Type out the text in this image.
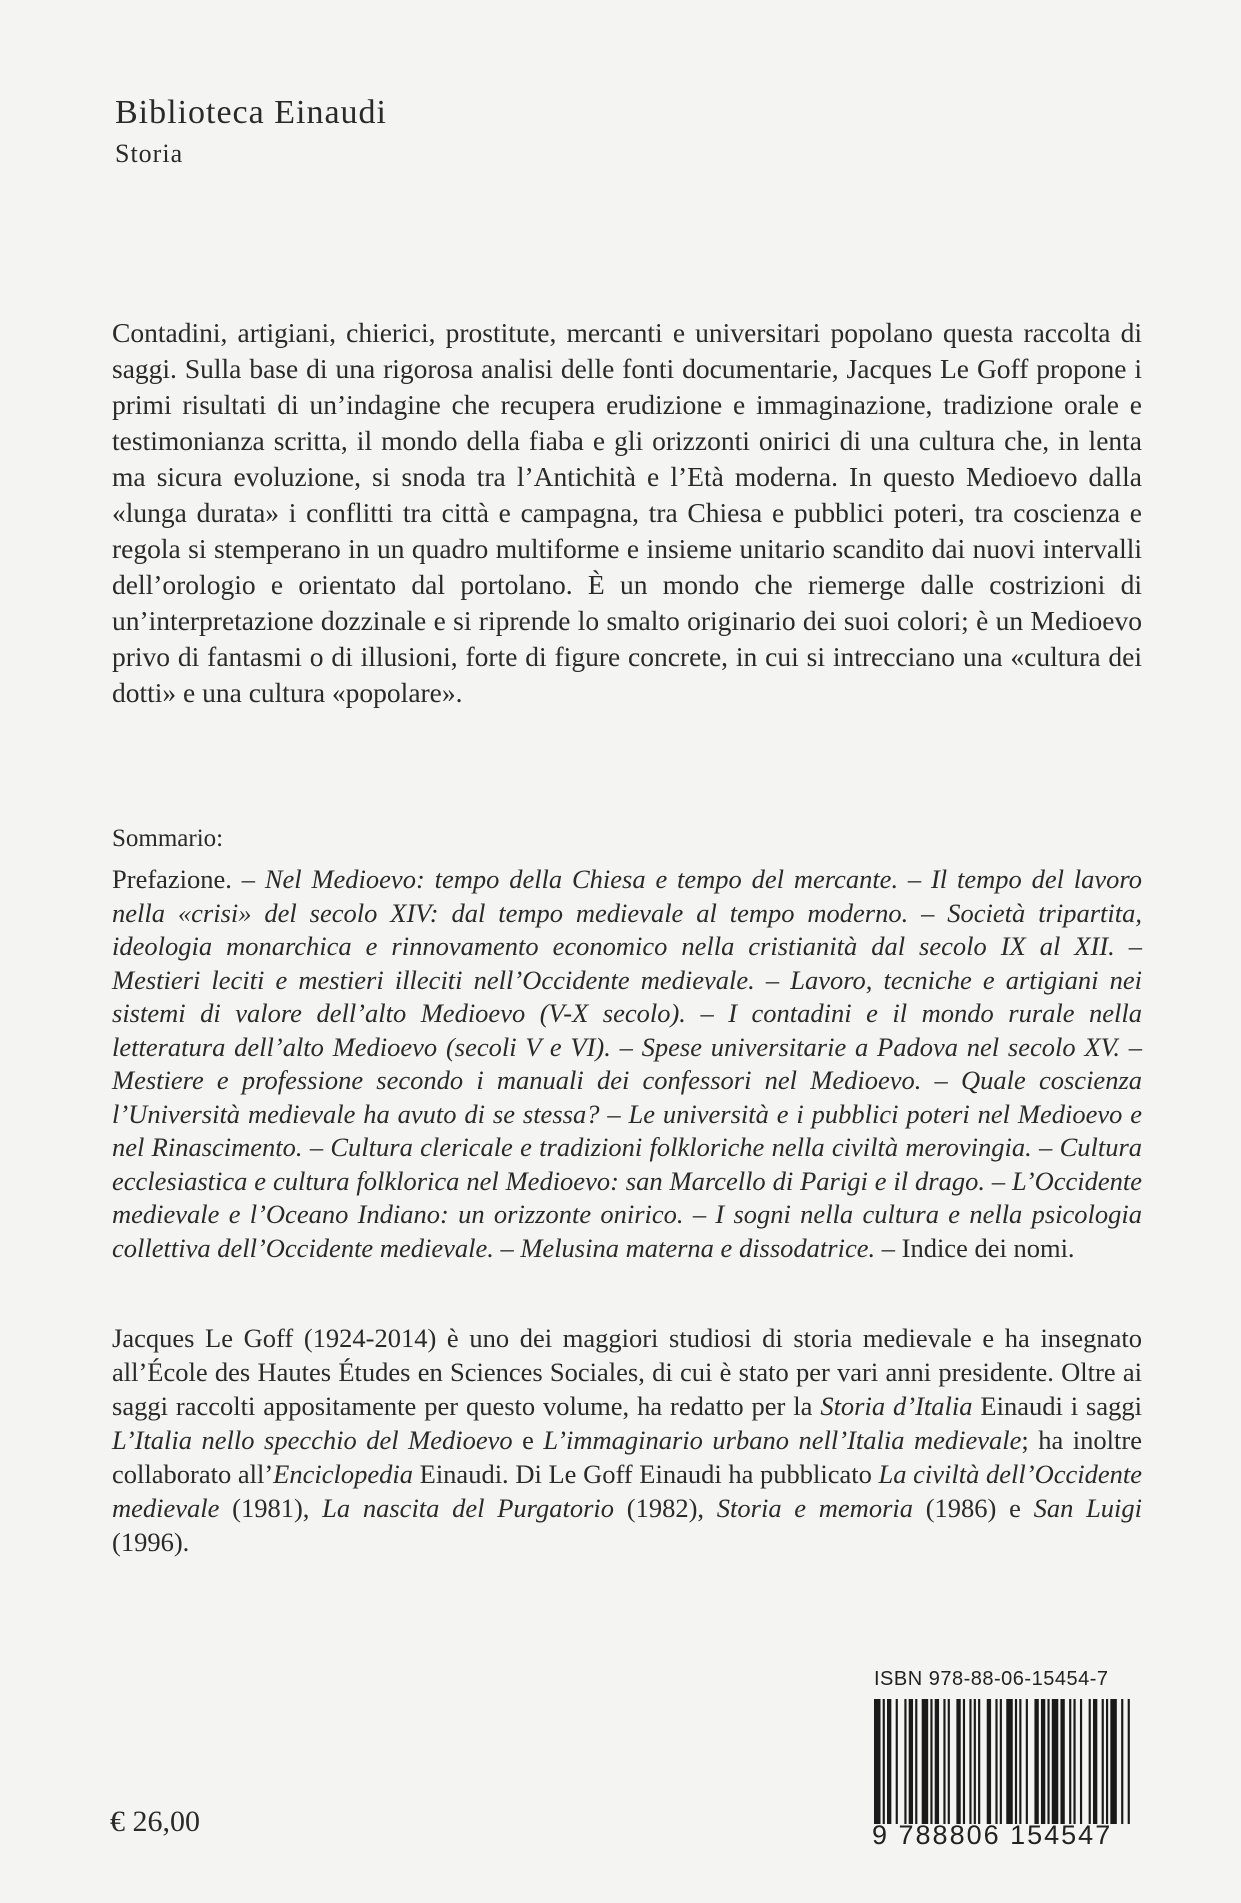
Biblioteca Einaudi
Storia

Contadini, artigiani, chierici, prostitute, mercanti e universitari popolano questa raccolta di saggi. Sulla base di una rigorosa analisi delle fonti documentarie, Jacques Le Goff propone i primi risultati di un’indagine che recupera erudizione e immaginazione, tradizione orale e testimonianza scritta, il mondo della fiaba e gli orizzonti onirici di una cultura che, in lenta ma sicura evoluzione, si snoda tra l’Antichità e l’Età moderna. In questo Medioevo dalla «lunga durata» i conflitti tra città e campagna, tra Chiesa e pubblici poteri, tra coscienza e regola si stemperano in un quadro multiforme e insieme unitario scandito dai nuovi intervalli dell’orologio e orientato dal portolano. È un mondo che riemerge dalle costrizioni di un’interpretazione dozzinale e si riprende lo smalto originario dei suoi colori; è un Medioevo privo di fantasmi o di illusioni, forte di figure concrete, in cui si intrecciano una «cultura dei dotti» e una cultura «popolare».

Sommario:

Prefazione. – Nel Medioevo: tempo della Chiesa e tempo del mercante. – Il tempo del lavoro nella «crisi» del secolo XIV: dal tempo medievale al tempo moderno. – Società tripartita, ideologia monarchica e rinnovamento economico nella cristianità dal secolo IX al XII. – Mestieri leciti e mestieri illeciti nell’Occidente medievale. – Lavoro, tecniche e artigiani nei sistemi di valore dell’alto Medioevo (V-X secolo). – I contadini e il mondo rurale nella letteratura dell’alto Medioevo (secoli V e VI). – Spese universitarie a Padova nel secolo XV. – Mestiere e professione secondo i manuali dei confessori nel Medioevo. – Quale coscienza l’Università medievale ha avuto di se stessa? – Le università e i pubblici poteri nel Medioevo e nel Rinascimento. – Cultura clericale e tradizioni folkloriche nella civiltà merovingia. – Cultura ecclesiastica e cultura folklorica nel Medioevo: san Marcello di Parigi e il drago. – L’Occidente medievale e l’Oceano Indiano: un orizzonte onirico. – I sogni nella cultura e nella psicologia collettiva dell’Occidente medievale. – Melusina materna e dissodatrice. – Indice dei nomi.

Jacques Le Goff (1924-2014) è uno dei maggiori studiosi di storia medievale e ha insegnato all’École des Hautes Études en Sciences Sociales, di cui è stato per vari anni presidente. Oltre ai saggi raccolti appositamente per questo volume, ha redatto per la Storia d’Italia Einaudi i saggi L’Italia nello specchio del Medioevo e L’immaginario urbano nell’Italia medievale; ha inoltre collaborato all’Enciclopedia Einaudi. Di Le Goff Einaudi ha pubblicato La civiltà dell’Occidente medievale (1981), La nascita del Purgatorio (1982), Storia e memoria (1986) e San Luigi (1996).

€ 26,00
ISBN 978-88-06-15454-7
9 788806 154547
